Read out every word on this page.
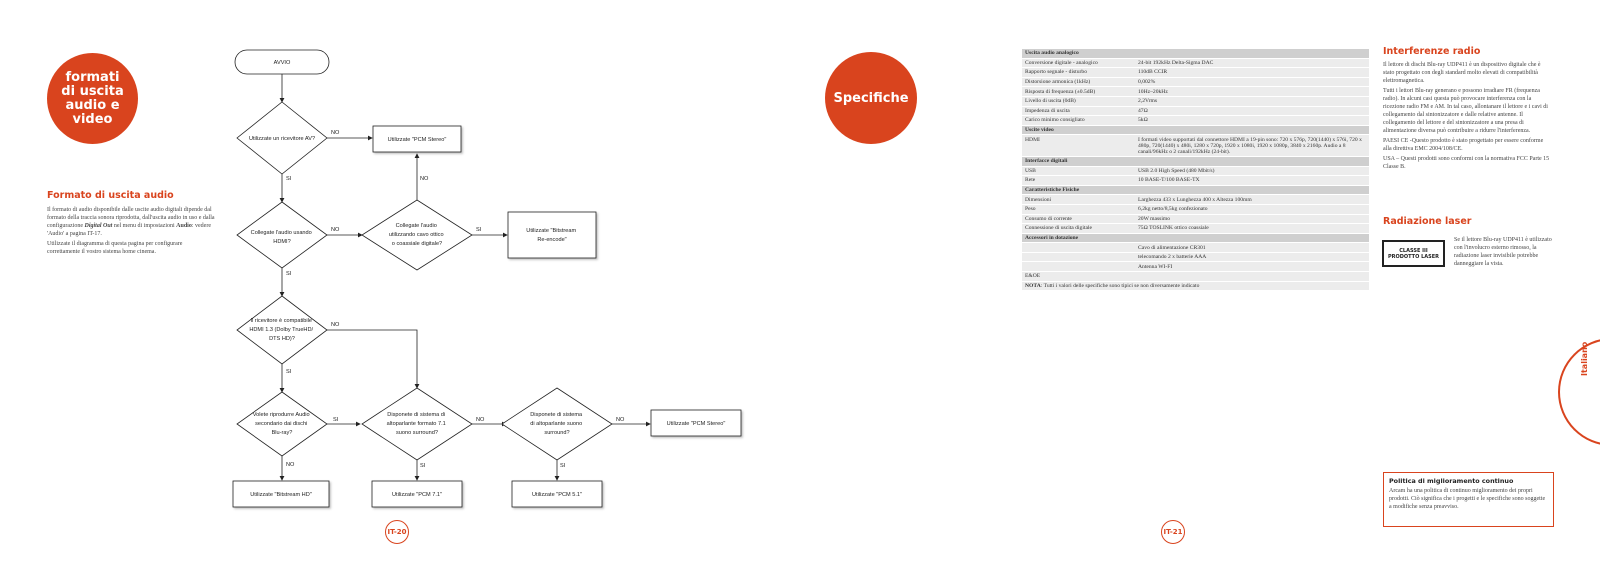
formati
di uscita
audio e
video
Formato di uscita audio

Il formato di audio disponibile dalle uscite audio digitali dipende dal formato della traccia sonora riprodotta, dall'uscita audio in uso e dalla configurazione Digital Out nel menu di impostazioni Audio: vedere 'Audio' a pagina IT-17.

Utilizzate il diagramma di questa pagina per configurare correttamente il vostro sistema home cinema.

AVVIO
Utilizzate un ricevitore AV?
Collegate l'audio usando HDMI?
Collegate l'audio utilizzando cavo ottico o coassiale digitale?
Il ricevitore è compatibile HDMI 1.3 (Dolby TrueHD/ DTS HD)?
Volete riprodurre Audio secondario dai dischi Blu-ray?
Disponete di sistema di altoparlante formato 7.1 suono surround?
Disponete di sistema di altoparlante suono surround?
Utilizzate "PCM Stereo"
Utilizzate "Bitstream Re-encode"
Utilizzate "PCM Stereo"
Utilizzate "Bitstream HD"	Utilizzate "PCM 7.1"	Utilizzate "PCM 5.1"
NO
SI
NO
NO
SI
SI
NO
SI
SI
NO
NO
SI
NO
SI
IT-20
Specifiche
Uscita audio analogico	
Conversione digitale - analogico	24-bit 192kHz Delta-Sigma DAC
Rapporto segnale - disturbo	110dB CCIR
Distorsione armonica (1kHz)	0,002%
Risposta di frequenza (±0.5dB)	10Hz–20kHz
Livello di uscita (0dB)	2,2Vrms
Impedenza di uscita	47Ω
Carico minimo consigliato	5kΩ
Uscite video	
HDMI	I formati video supportati dal connettore HDMI a 19-pin sono: 720 x 576p, 720(1440) x 576i, 720 x 480p, 720(1440) x 480i, 1280 x 720p, 1920 x 1080i, 1920 x 1080p, 3840 x 2160p. Audio a 8 canali/96kHz o 2 canali/192kHz (24-bit).
Interfacce digitali	
USB	USB 2.0 High Speed (480 Mbit/s)
Rete	10 BASE-T/100 BASE-TX
Caratteristiche Fisiche	
Dimensioni	Larghezza 433 x Lunghezza 400 x Altezza 100mm
Peso	6,2kg netto/8,5kg confezionato
Consumo di corrente	20W massimo
Connessione di uscita digitale	75Ω TOSLINK ottico coassiale
Accessori in dotazione	
	Cavo di alimentazione CR301
	telecomando 2 x batterie AAA
	Antenna WI-FI
E&OE	
NOTA: Tutti i valori delle specifiche sono tipici se non diversamente indicato	
Interferenze radio

Il lettore di dischi Blu-ray UDP411 è un dispositivo digitale che è stato progettato con degli standard molto elevati di compatibilità elettromagnetica.

Tutti i lettori Blu-ray generano e possono irradiare FR (frequenza radio). In alcuni casi questa può provocare interferenza con la ricezione radio FM e AM. In tal caso, allontanare il lettore e i cavi di collegamento dal sintonizzatore e dalle relative antenne. Il collegamento del lettore e del sintonizzatore a una presa di alimentazione diversa può contribuire a ridurre l'interferenza.

PAESI CE -Questo prodotto è stato progettato per essere conforme alla direttiva EMC 2004/108/CE.

USA – Questi prodotti sono conformi con la normativa FCC Parte 15 Classe B.

Radiazione laser
CLASSE III
PRODOTTO LASER
Se il lettore Blu-ray UDP411 è utilizzato con l'involucro esterno rimosso, la radiazione laser invisibile potrebbe danneggiare la vista.
Politica di miglioramento continuo
Arcam ha una politica di continuo miglioramento dei propri prodotti. Ciò significa che i progetti e le specifiche sono soggette a modifiche senza preavviso.
Italiano
IT-21
